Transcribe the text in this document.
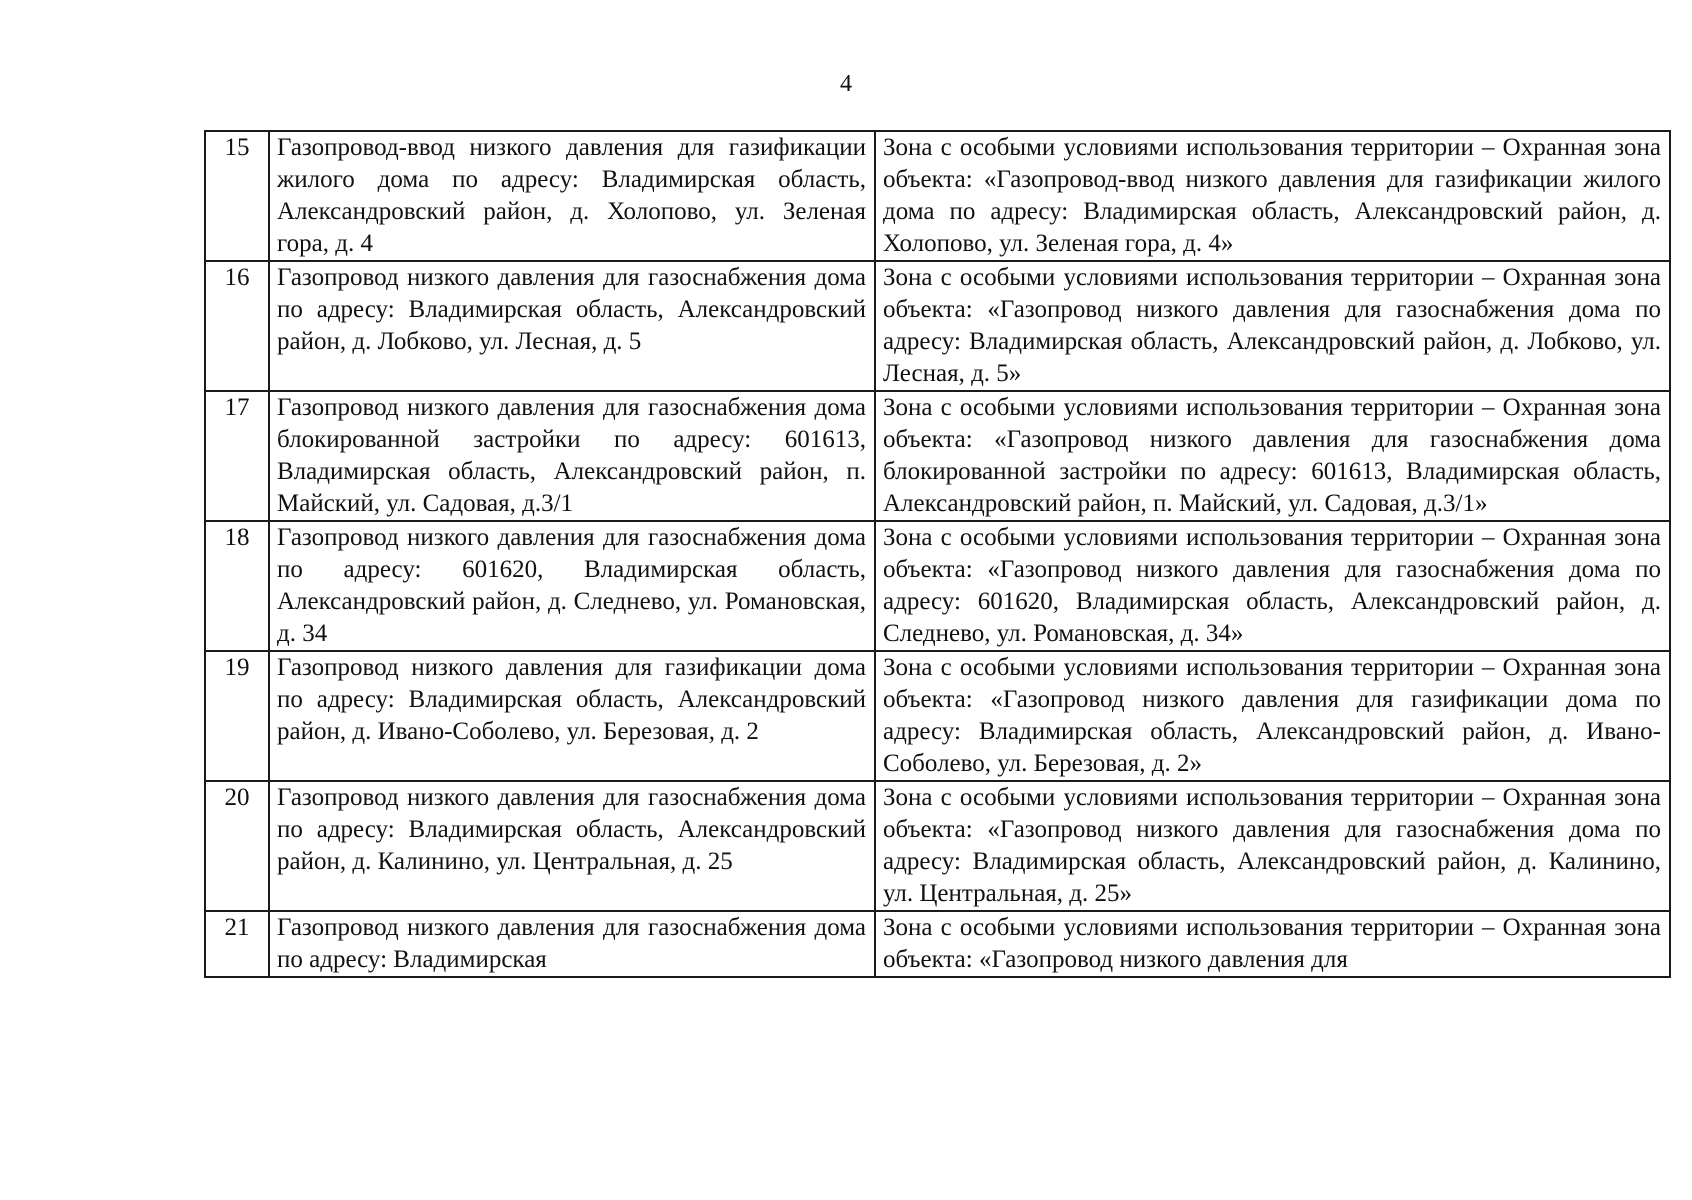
4
15	Газопровод-ввод низкого давления для газификации жилого дома по адресу: Владимирская область, Александровский район, д. Холопово, ул. Зеленая гора, д. 4	Зона с особыми условиями использования территории – Охранная зона объекта: «Газопровод-ввод низкого давления для газификации жилого дома по адресу: Владимирская область, Александровский район, д. Холопово, ул. Зеленая гора, д. 4»
16	Газопровод низкого давления для газоснабжения дома по адресу: Владимирская область, Александровский район, д. Лобково, ул. Лесная, д. 5	Зона с особыми условиями использования территории – Охранная зона объекта: «Газопровод низкого давления для газоснабжения дома по адресу: Владимирская область, Александровский район, д. Лобково, ул. Лесная, д. 5»
17	Газопровод низкого давления для газоснабжения дома блокированной застройки по адресу: 601613, Владимирская область, Александровский район, п. Майский, ул. Садовая, д.3/1	Зона с особыми условиями использования территории – Охранная зона объекта: «Газопровод низкого давления для газоснабжения дома блокированной застройки по адресу: 601613, Владимирская область, Александровский район, п. Майский, ул. Садовая, д.3/1»
18	Газопровод низкого давления для газоснабжения дома по адресу: 601620, Владимирская область, Александровский район, д. Следнево, ул. Романовская, д. 34	Зона с особыми условиями использования территории – Охранная зона объекта: «Газопровод низкого давления для газоснабжения дома по адресу: 601620, Владимирская область, Александровский район, д. Следнево, ул. Романовская, д. 34»
19	Газопровод низкого давления для газификации дома по адресу: Владимирская область, Александровский район, д. Ивано-Соболево, ул. Березовая, д. 2	Зона с особыми условиями использования территории – Охранная зона объекта: «Газопровод низкого давления для газификации дома по адресу: Владимирская область, Александровский район, д. Ивано-Соболево, ул. Березовая, д. 2»
20	Газопровод низкого давления для газоснабжения дома по адресу: Владимирская область, Александровский район, д. Калинино, ул. Центральная, д. 25	Зона с особыми условиями использования территории – Охранная зона объекта: «Газопровод низкого давления для газоснабжения дома по адресу: Владимирская область, Александровский район, д. Калинино, ул. Центральная, д. 25»
21	Газопровод низкого давления для газоснабжения дома по адресу: Владимирская	Зона с особыми условиями использования территории – Охранная зона объекта: «Газопровод низкого давления для
